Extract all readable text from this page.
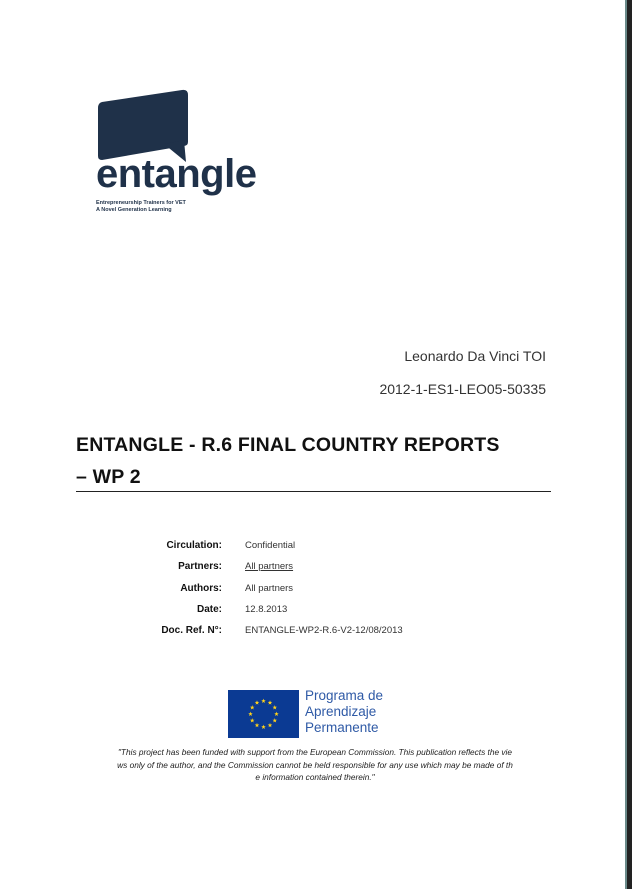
entangle
Entrepreneurship Trainers for VET
A Novel Generation Learning
Leonardo Da Vinci TOI
2012-1-ES1-LEO05-50335
ENTANGLE - R.6 FINAL COUNTRY REPORTS
– WP 2
Circulation: Confidential
Partners: All partners
Authors: All partners
Date: 12.8.2013
Doc. Ref. N°: ENTANGLE-WP2-R.6-V2-12/08/2013
Programa de
Aprendizaje
Permanente
"This project has been funded with support from the European Commission. This publication reflects the vie
ws only of the author, and the Commission cannot be held responsible for any use which may be made of th
e information contained therein."
